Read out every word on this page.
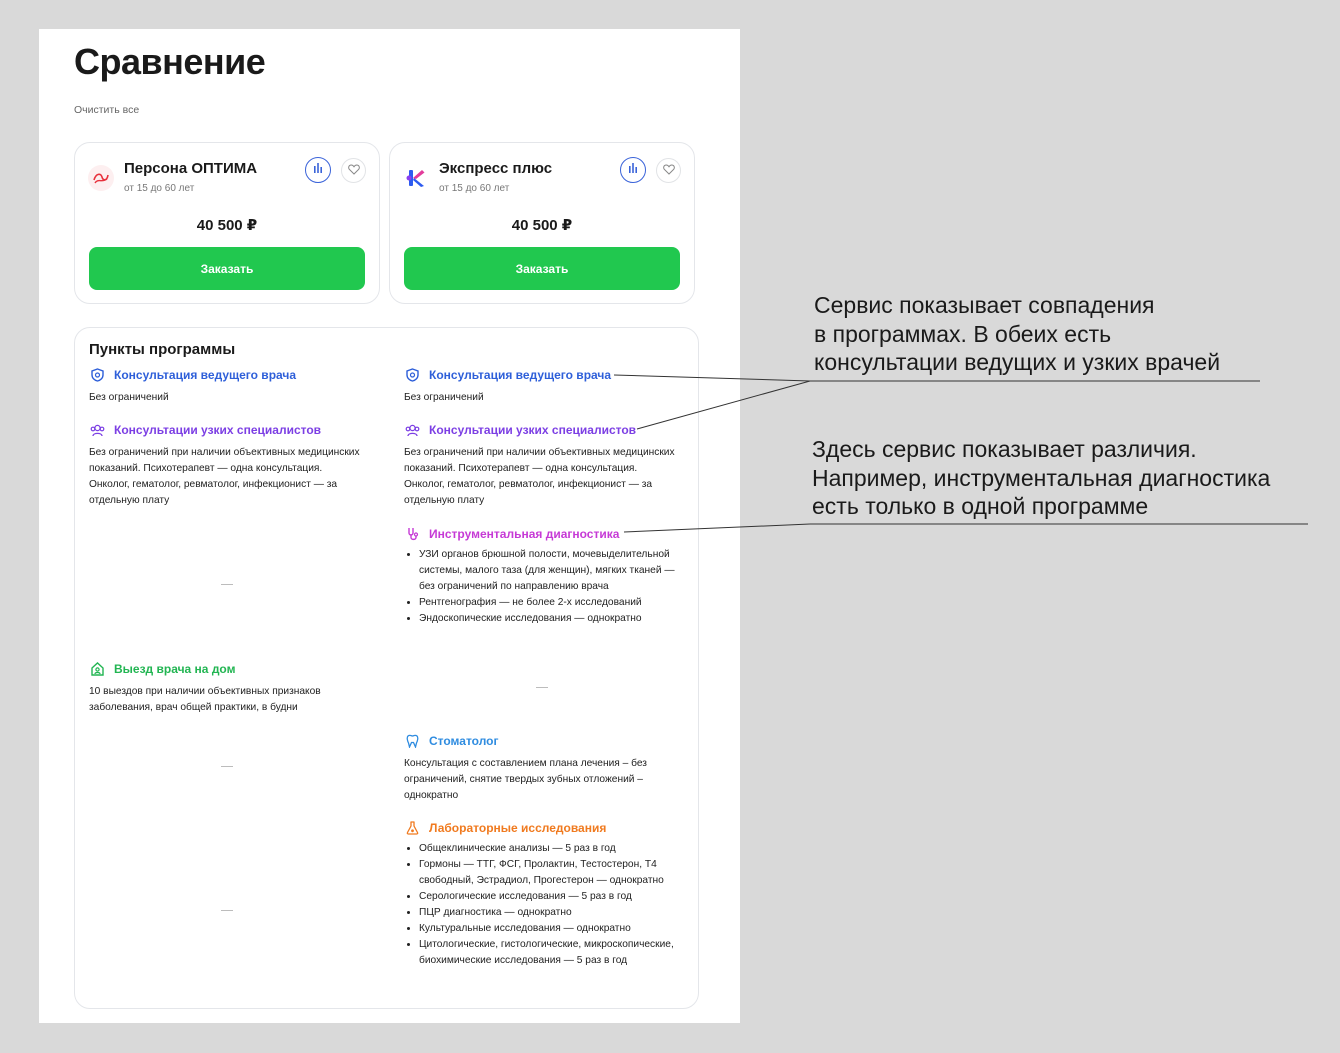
Сравнение
Очистить все
Персона ОПТИМА
от 15 до 60 лет
40 500 ₽
Заказать
Экспресс плюс
от 15 до 60 лет
40 500 ₽
Заказать
Пункты программы
Консультация ведущего врача
Без ограничений
Консультации узких специалистов
Без ограничений при наличии объективных медицинских показаний. Психотерапевт — одна консультация. Онколог, гематолог, ревматолог, инфекционист — за отдельную плату
Выезд врача на дом
10 выездов при наличии объективных признаков заболевания, врач общей практики, в будни
Консультация ведущего врача
Без ограничений
Консультации узких специалистов
Без ограничений при наличии объективных медицинских показаний. Психотерапевт — одна консультация. Онколог, гематолог, ревматолог, инфекционист — за отдельную плату
Инструментальная диагностика
• УЗИ органов брюшной полости, мочевыделительной системы, малого таза (для женщин), мягких тканей — без ограничений по направлению врача
• Рентгенография — не более 2-х исследований
• Эндоскопические исследования — однократно
Стоматолог
Консультация с составлением плана лечения – без ограничений, снятие твердых зубных отложений – однократно
Лабораторные исследования
• Общеклинические анализы — 5 раз в год
• Гормоны — ТТГ, ФСГ, Пролактин, Тестостерон, Т4 свободный, Эстрадиол, Прогестерон — однократно
• Серологические исследования — 5 раз в год
• ПЦР диагностика — однократно
• Культуральные исследования — однократно
• Цитологические, гистологические, микроскопические, биохимические исследования — 5 раз в год
Сервис показывает совпадения
в программах. В обеих есть
консультации ведущих и узких врачей
Здесь сервис показывает различия.
Например, инструментальная диагностика
есть только в одной программе
